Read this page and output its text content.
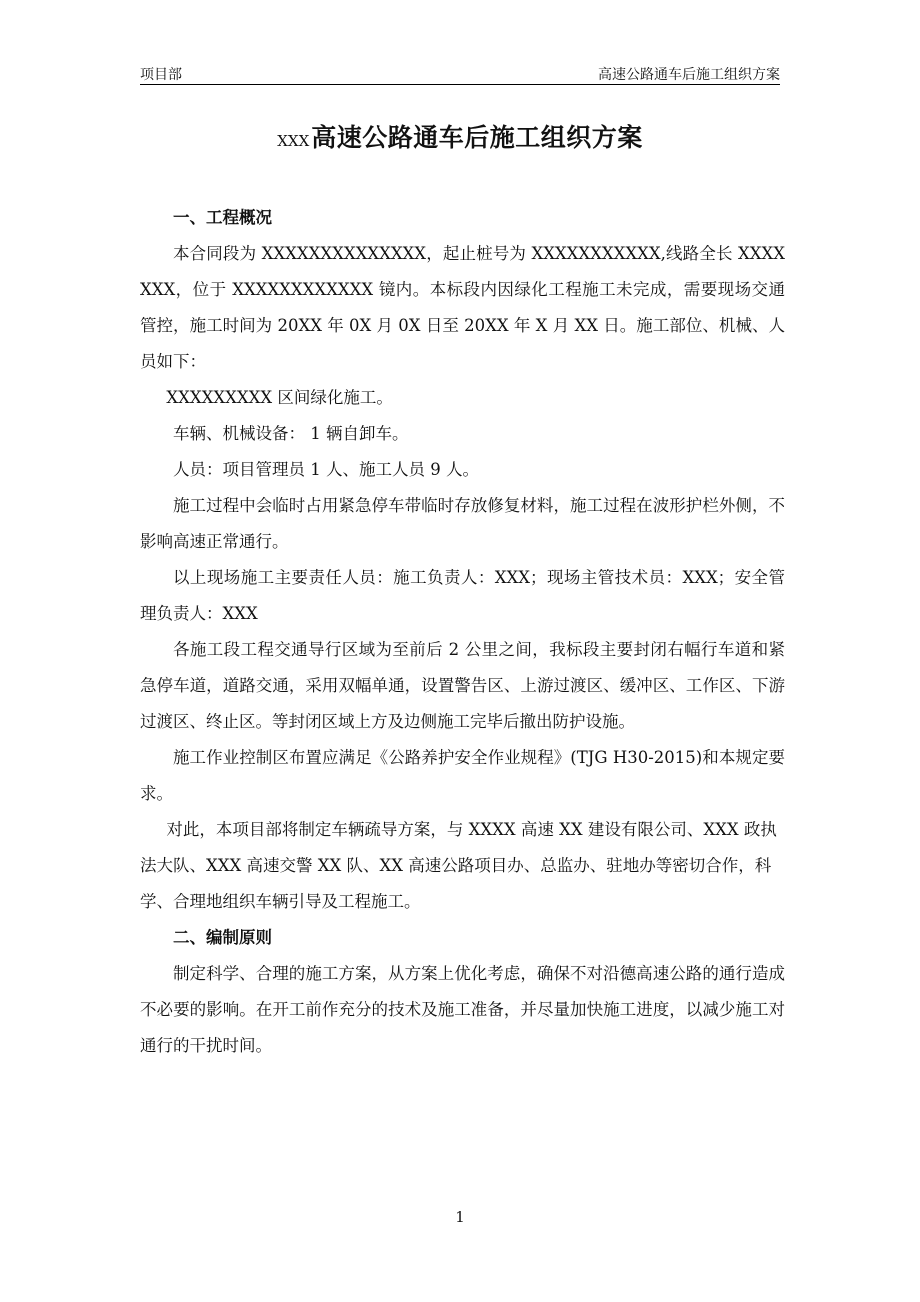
项目部	高速公路通车后施工组织方案
XXX高速公路通车后施工组织方案

一、工程概况

本合同段为 XXXXXXXXXXXXXX，起止桩号为 XXXXXXXXXXX,线路全长 XXXXXXX，位于 XXXXXXXXXXXX 镜内。本标段内因绿化工程施工未完成，需要现场交通管控，施工时间为 20XX 年 0X 月 0X 日至 20XX 年 X 月 XX 日。施工部位、机械、人员如下：

XXXXXXXXX 区间绿化施工。

车辆、机械设备： 1 辆自卸车。

人员：项目管理员 1 人、施工人员 9 人。

施工过程中会临时占用紧急停车带临时存放修复材料，施工过程在波形护栏外侧，不影响高速正常通行。

以上现场施工主要责任人员：施工负责人：XXX；现场主管技术员：XXX；安全管理负责人：XXX

各施工段工程交通导行区域为至前后 2 公里之间，我标段主要封闭右幅行车道和紧急停车道，道路交通，采用双幅单通，设置警告区、上游过渡区、缓冲区、工作区、下游过渡区、终止区。等封闭区域上方及边侧施工完毕后撤出防护设施。

施工作业控制区布置应满足《公路养护安全作业规程》(TJG H30-2015)和本规定要求。

对此，本项目部将制定车辆疏导方案，与 XXXX 高速 XX 建设有限公司、XXX 政执法大队、XXX 高速交警 XX 队、XX 高速公路项目办、总监办、驻地办等密切合作，科学、合理地组织车辆引导及工程施工。

二、编制原则

制定科学、合理的施工方案，从方案上优化考虑，确保不对沿德高速公路的通行造成不必要的影响。在开工前作充分的技术及施工准备，并尽量加快施工进度，以减少施工对通行的干扰时间。

1
